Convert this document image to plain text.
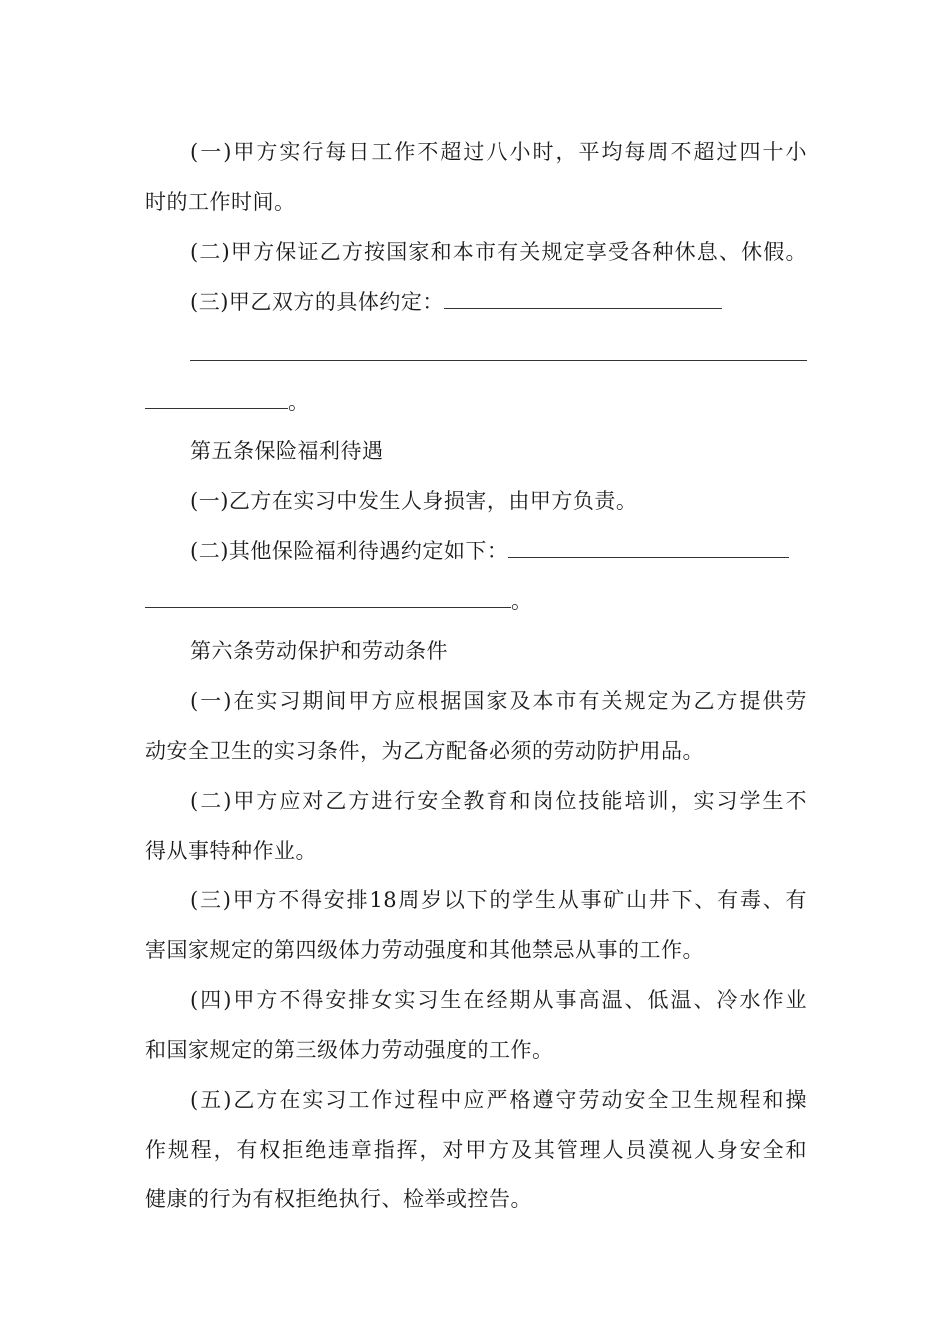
(一)甲方实行每日工作不超过八小时，平均每周不超过四十小
时的工作时间。
(二)甲方保证乙方按国家和本市有关规定享受各种休息、休假。
(三)甲乙双方的具体约定：
。
第五条保险福利待遇
(一)乙方在实习中发生人身损害，由甲方负责。
(二)其他保险福利待遇约定如下：
。
第六条劳动保护和劳动条件
(一)在实习期间甲方应根据国家及本市有关规定为乙方提供劳
动安全卫生的实习条件，为乙方配备必须的劳动防护用品。
(二)甲方应对乙方进行安全教育和岗位技能培训，实习学生不
得从事特种作业。
(三)甲方不得安排18周岁以下的学生从事矿山井下、有毒、有
害国家规定的第四级体力劳动强度和其他禁忌从事的工作。
(四)甲方不得安排女实习生在经期从事高温、低温、冷水作业
和国家规定的第三级体力劳动强度的工作。
(五)乙方在实习工作过程中应严格遵守劳动安全卫生规程和操
作规程，有权拒绝违章指挥，对甲方及其管理人员漠视人身安全和
健康的行为有权拒绝执行、检举或控告。
